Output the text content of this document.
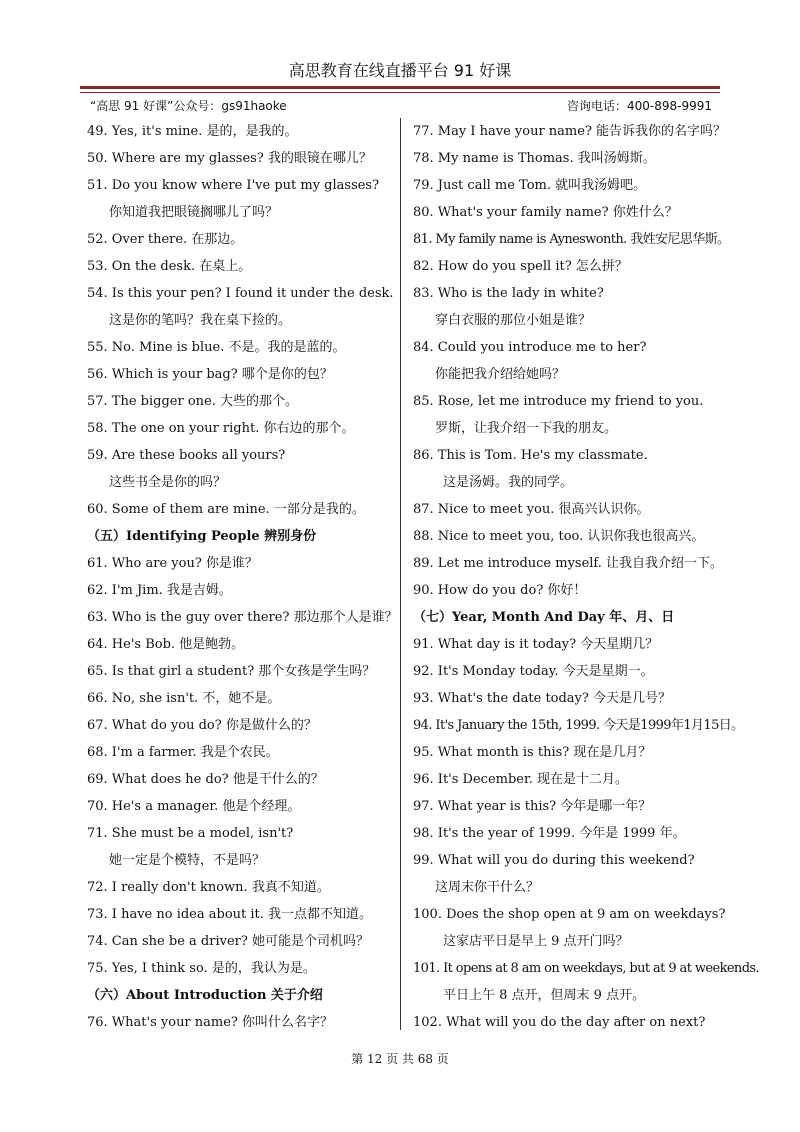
高思教育在线直播平台 91 好课
“高思 91 好课”公众号：gs91haoke	咨询电话：400-898-9991
49. Yes, it's mine. 是的，是我的。
50. Where are my glasses? 我的眼镜在哪儿？
51. Do you know where I've put my glasses?
你知道我把眼镜搁哪儿了吗？
52. Over there. 在那边。
53. On the desk. 在桌上。
54. Is this your pen? I found it under the desk.
这是你的笔吗？我在桌下捡的。
55. No. Mine is blue. 不是。我的是蓝的。
56. Which is your bag? 哪个是你的包？
57. The bigger one. 大些的那个。
58. The one on your right. 你右边的那个。
59. Are these books all yours?
这些书全是你的吗？
60. Some of them are mine. 一部分是我的。
（五）Identifying People 辨别身份
61. Who are you? 你是谁？
62. I'm Jim. 我是吉姆。
63. Who is the guy over there? 那边那个人是谁？
64. He's Bob. 他是鲍勃。
65. Is that girl a student? 那个女孩是学生吗？
66. No, she isn't. 不，她不是。
67. What do you do? 你是做什么的？
68. I'm a farmer. 我是个农民。
69. What does he do? 他是干什么的？
70. He's a manager. 他是个经理。
71. She must be a model, isn't?
她一定是个模特，不是吗？
72. I really don't known. 我真不知道。
73. I have no idea about it. 我一点都不知道。
74. Can she be a driver? 她可能是个司机吗？
75. Yes, I think so. 是的，我认为是。
（六）About Introduction 关于介绍
76. What's your name? 你叫什么名字？
77. May I have your name? 能告诉我你的名字吗？
78. My name is Thomas. 我叫汤姆斯。
79. Just call me Tom. 就叫我汤姆吧。
80. What's your family name? 你姓什么？
81. My family name is Ayneswonth. 我姓安尼思华斯。
82. How do you spell it? 怎么拼？
83. Who is the lady in white?
穿白衣服的那位小姐是谁？
84. Could you introduce me to her?
你能把我介绍给她吗？
85. Rose, let me introduce my friend to you.
罗斯，让我介绍一下我的朋友。
86. This is Tom. He's my classmate.
这是汤姆。我的同学。
87. Nice to meet you. 很高兴认识你。
88. Nice to meet you, too. 认识你我也很高兴。
89. Let me introduce myself. 让我自我介绍一下。
90. How do you do? 你好！
（七）Year, Month And Day 年、月、日
91. What day is it today? 今天星期几？
92. It's Monday today. 今天是星期一。
93. What's the date today? 今天是几号？
94. It's January the 15th, 1999. 今天是1999年1月15日。
95. What month is this? 现在是几月？
96. It's December. 现在是十二月。
97. What year is this? 今年是哪一年？
98. It's the year of 1999. 今年是 1999 年。
99. What will you do during this weekend?
这周末你干什么？
100. Does the shop open at 9 am on weekdays?
这家店平日是早上 9 点开门吗？
101. It opens at 8 am on weekdays, but at 9 at weekends.
平日上午 8 点开，但周末 9 点开。
102. What will you do the day after on next?
第 12 页 共 68 页
